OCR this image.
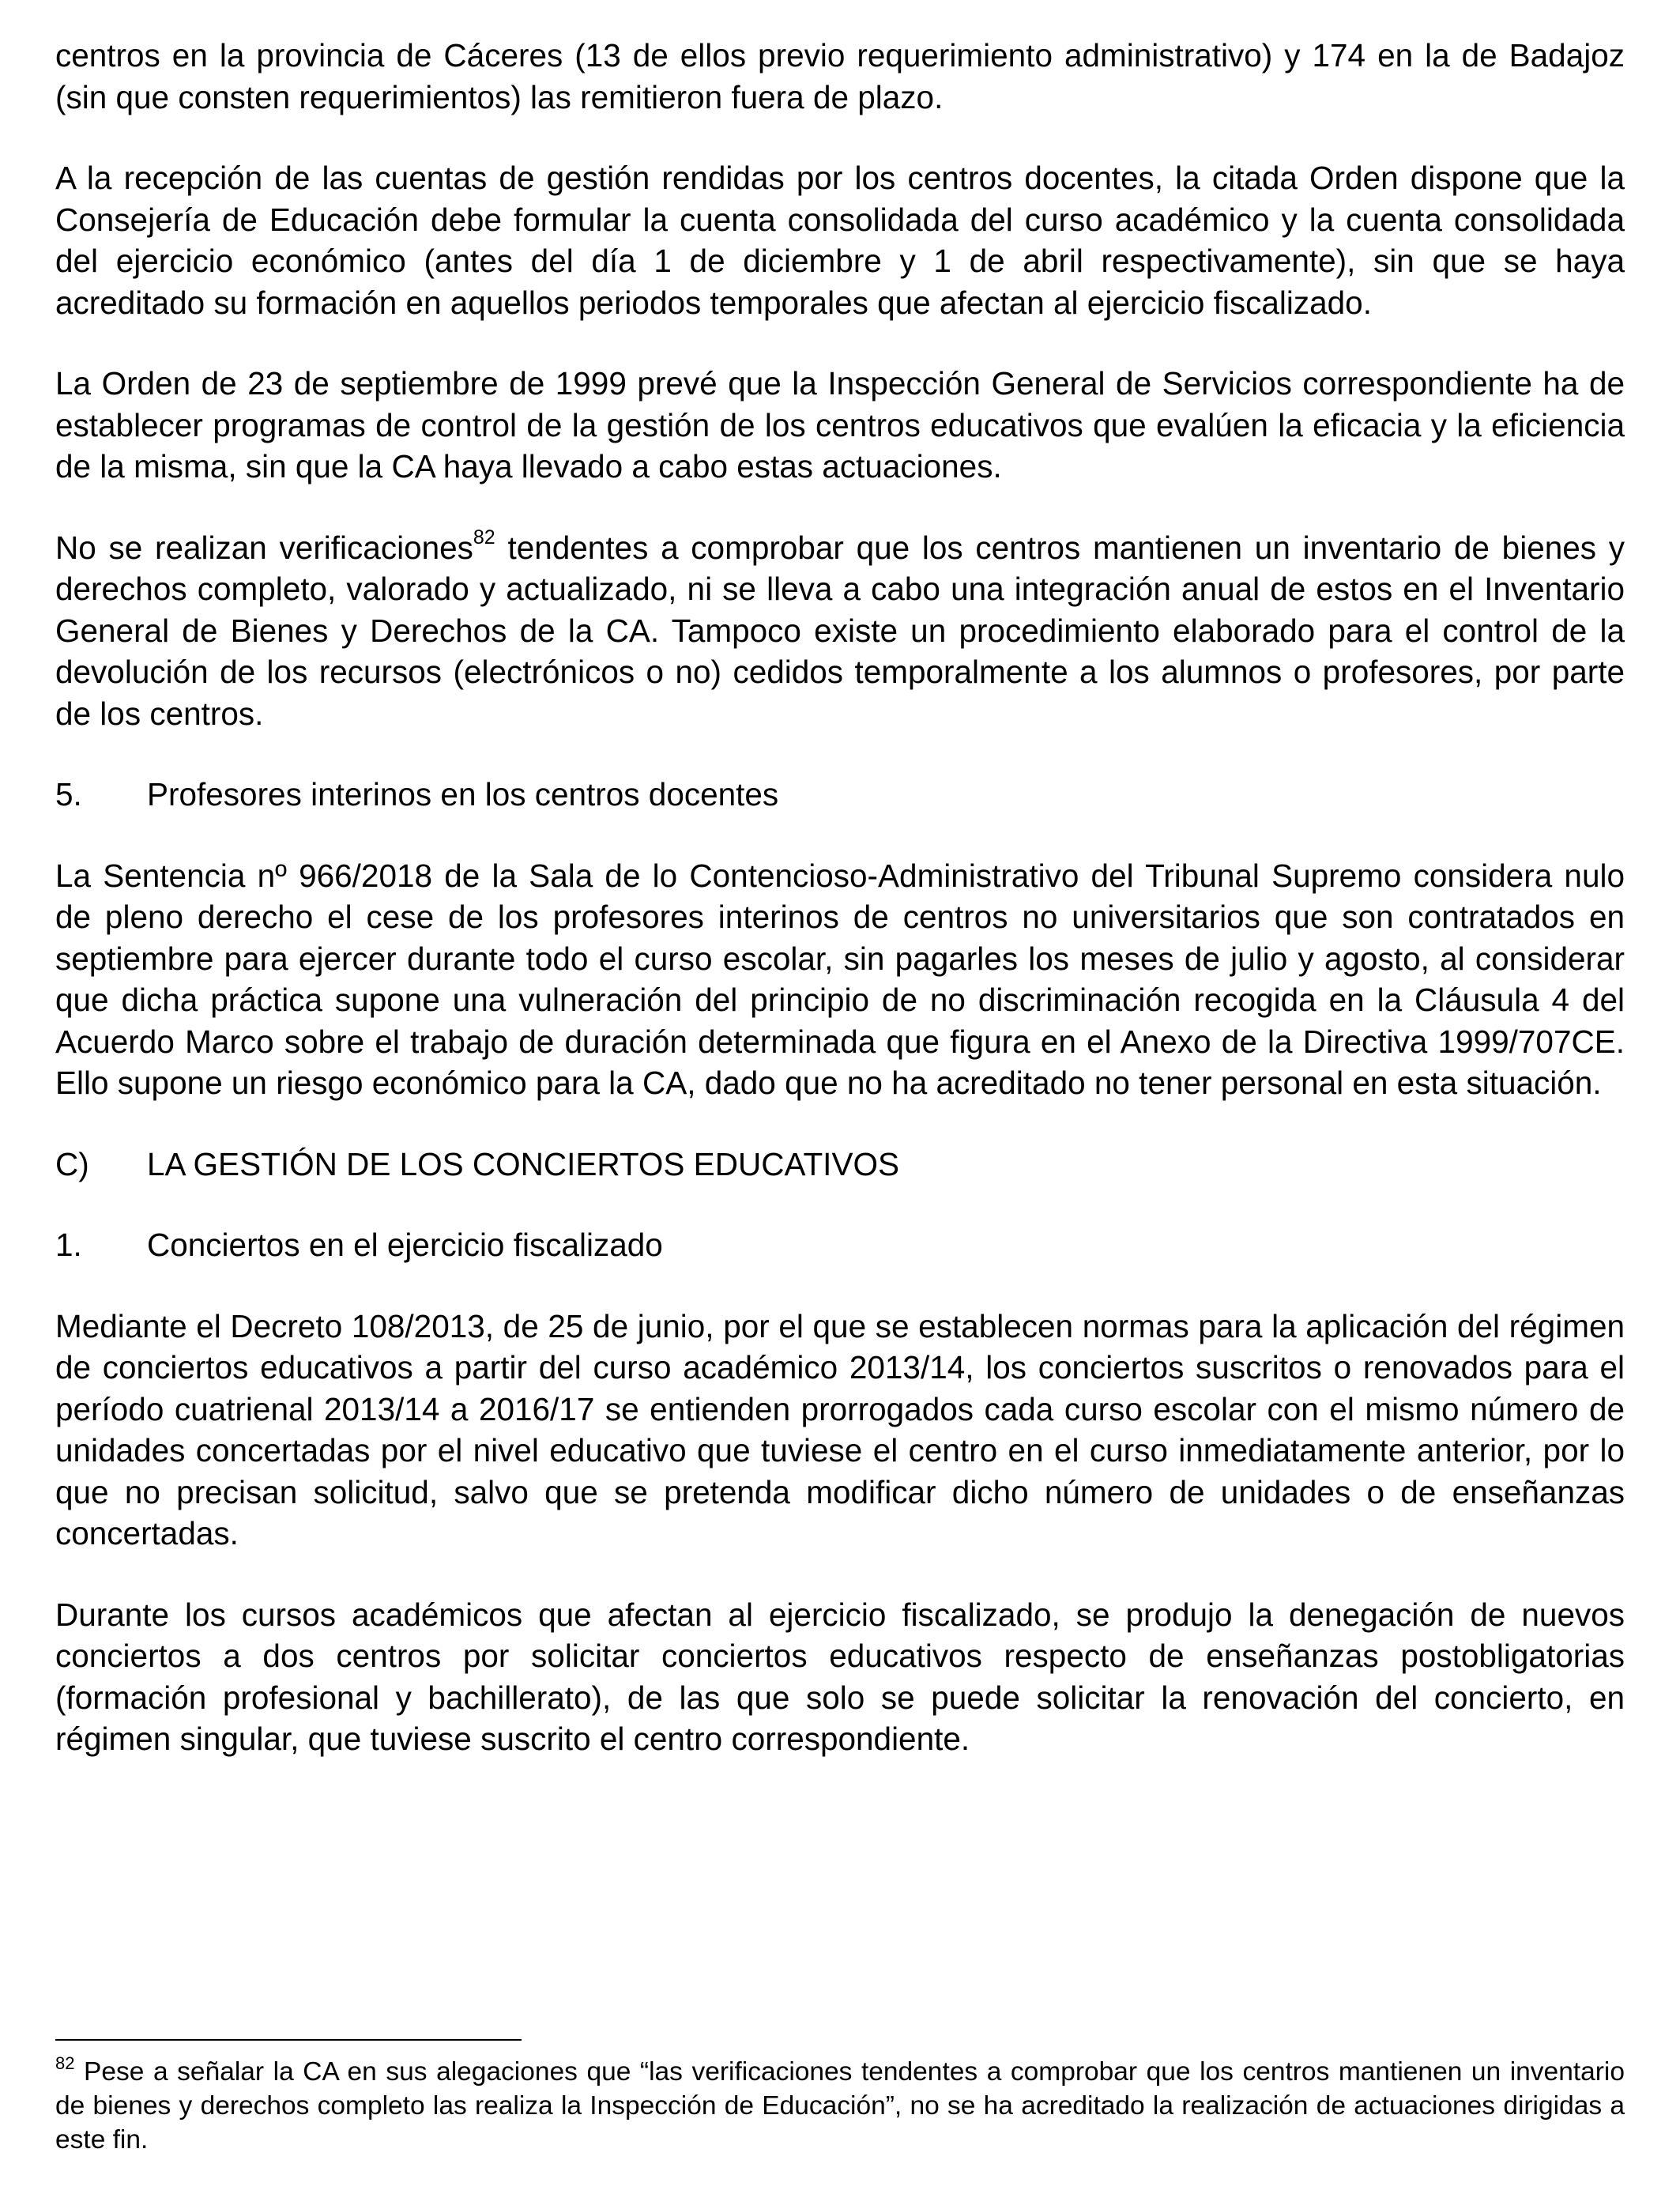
centros en la provincia de Cáceres (13 de ellos previo requerimiento administrativo) y 174 en la de Badajoz (sin que consten requerimientos) las remitieron fuera de plazo.

A la recepción de las cuentas de gestión rendidas por los centros docentes, la citada Orden dispone que la Consejería de Educación debe formular la cuenta consolidada del curso académico y la cuenta consolidada del ejercicio económico (antes del día 1 de diciembre y 1 de abril respectivamente), sin que se haya acreditado su formación en aquellos periodos temporales que afectan al ejercicio fiscalizado.

La Orden de 23 de septiembre de 1999 prevé que la Inspección General de Servicios correspondiente ha de establecer programas de control de la gestión de los centros educativos que evalúen la eficacia y la eficiencia de la misma, sin que la CA haya llevado a cabo estas actuaciones.

No se realizan verificaciones$^{82}$ tendentes a comprobar que los centros mantienen un inventario de bienes y derechos completo, valorado y actualizado, ni se lleva a cabo una integración anual de estos en el Inventario General de Bienes y Derechos de la CA. Tampoco existe un procedimiento elaborado para el control de la devolución de los recursos (electrónicos o no) cedidos temporalmente a los alumnos o profesores, por parte de los centros.

5.	Profesores interinos en los centros docentes

La Sentencia nº 966/2018 de la Sala de lo Contencioso-Administrativo del Tribunal Supremo considera nulo de pleno derecho el cese de los profesores interinos de centros no universitarios que son contratados en septiembre para ejercer durante todo el curso escolar, sin pagarles los meses de julio y agosto, al considerar que dicha práctica supone una vulneración del principio de no discriminación recogida en la Cláusula 4 del Acuerdo Marco sobre el trabajo de duración determinada que figura en el Anexo de la Directiva 1999/707CE. Ello supone un riesgo económico para la CA, dado que no ha acreditado no tener personal en esta situación.

C)	LA GESTIÓN DE LOS CONCIERTOS EDUCATIVOS
1.	Conciertos en el ejercicio fiscalizado

Mediante el Decreto 108/2013, de 25 de junio, por el que se establecen normas para la aplicación del régimen de conciertos educativos a partir del curso académico 2013/14, los conciertos suscritos o renovados para el período cuatrienal 2013/14 a 2016/17 se entienden prorrogados cada curso escolar con el mismo número de unidades concertadas por el nivel educativo que tuviese el centro en el curso inmediatamente anterior, por lo que no precisan solicitud, salvo que se pretenda modificar dicho número de unidades o de enseñanzas concertadas.

Durante los cursos académicos que afectan al ejercicio fiscalizado, se produjo la denegación de nuevos conciertos a dos centros por solicitar conciertos educativos respecto de enseñanzas postobligatorias (formación profesional y bachillerato), de las que solo se puede solicitar la renovación del concierto, en régimen singular, que tuviese suscrito el centro correspondiente.

$^{82}$ Pese a señalar la CA en sus alegaciones que “las verificaciones tendentes a comprobar que los centros mantienen un inventario de bienes y derechos completo las realiza la Inspección de Educación”, no se ha acreditado la realización de actuaciones dirigidas a este fin.
